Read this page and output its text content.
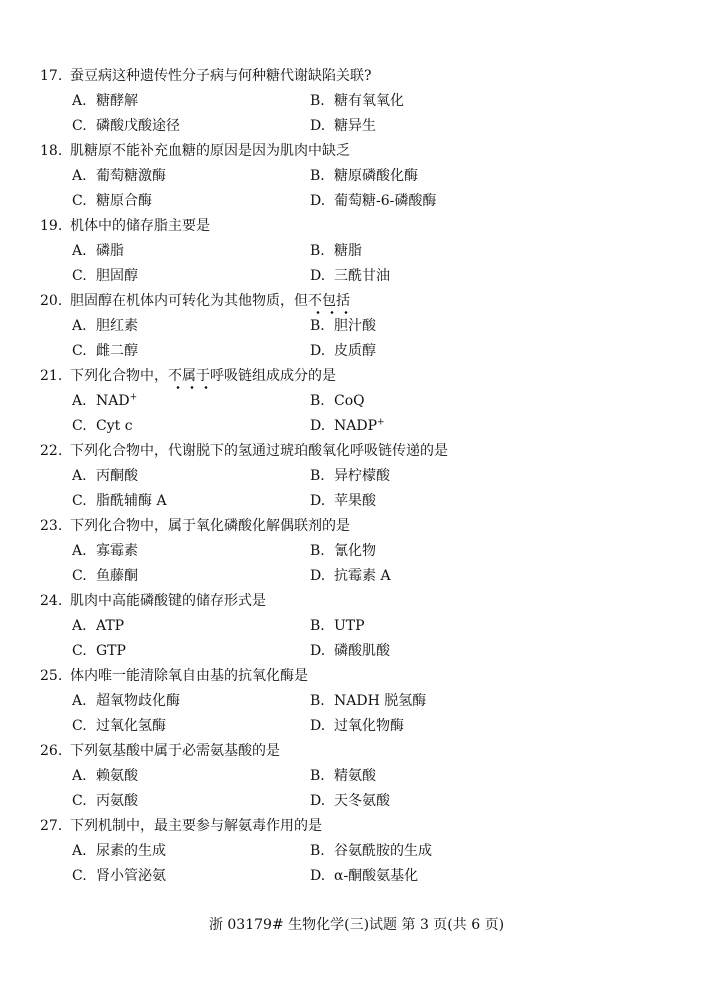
17. 蚕豆病这种遗传性分子病与何种糖代谢缺陷关联?
A. 糖酵解	B. 糖有氧氧化
C. 磷酸戊酸途径	D. 糖异生
18. 肌糖原不能补充血糖的原因是因为肌肉中缺乏
A. 葡萄糖激酶	B. 糖原磷酸化酶
C. 糖原合酶	D. 葡萄糖-6-磷酸酶
19. 机体中的储存脂主要是
A. 磷脂	B. 糖脂
C. 胆固醇	D. 三酰甘油
20. 胆固醇在机体内可转化为其他物质，但不包括
A. 胆红素	B. 胆汁酸
C. 雌二醇	D. 皮质醇
21. 下列化合物中，不属于呼吸链组成成分的是
A. NAD+	B. CoQ
C. Cyt c	D. NADP+
22. 下列化合物中，代谢脱下的氢通过琥珀酸氧化呼吸链传递的是
A. 丙酮酸	B. 异柠檬酸
C. 脂酰辅酶 A	D. 苹果酸
23. 下列化合物中，属于氧化磷酸化解偶联剂的是
A. 寡霉素	B. 氰化物
C. 鱼藤酮	D. 抗霉素 A
24. 肌肉中高能磷酸键的储存形式是
A. ATP	B. UTP
C. GTP	D. 磷酸肌酸
25. 体内唯一能清除氧自由基的抗氧化酶是
A. 超氧物歧化酶	B. NADH 脱氢酶
C. 过氧化氢酶	D. 过氧化物酶
26. 下列氨基酸中属于必需氨基酸的是
A. 赖氨酸	B. 精氨酸
C. 丙氨酸	D. 天冬氨酸
27. 下列机制中，最主要参与解氨毒作用的是
A. 尿素的生成	B. 谷氨酰胺的生成
C. 肾小管泌氨	D. α-酮酸氨基化
浙 03179# 生物化学(三)试题 第 3 页(共 6 页)
